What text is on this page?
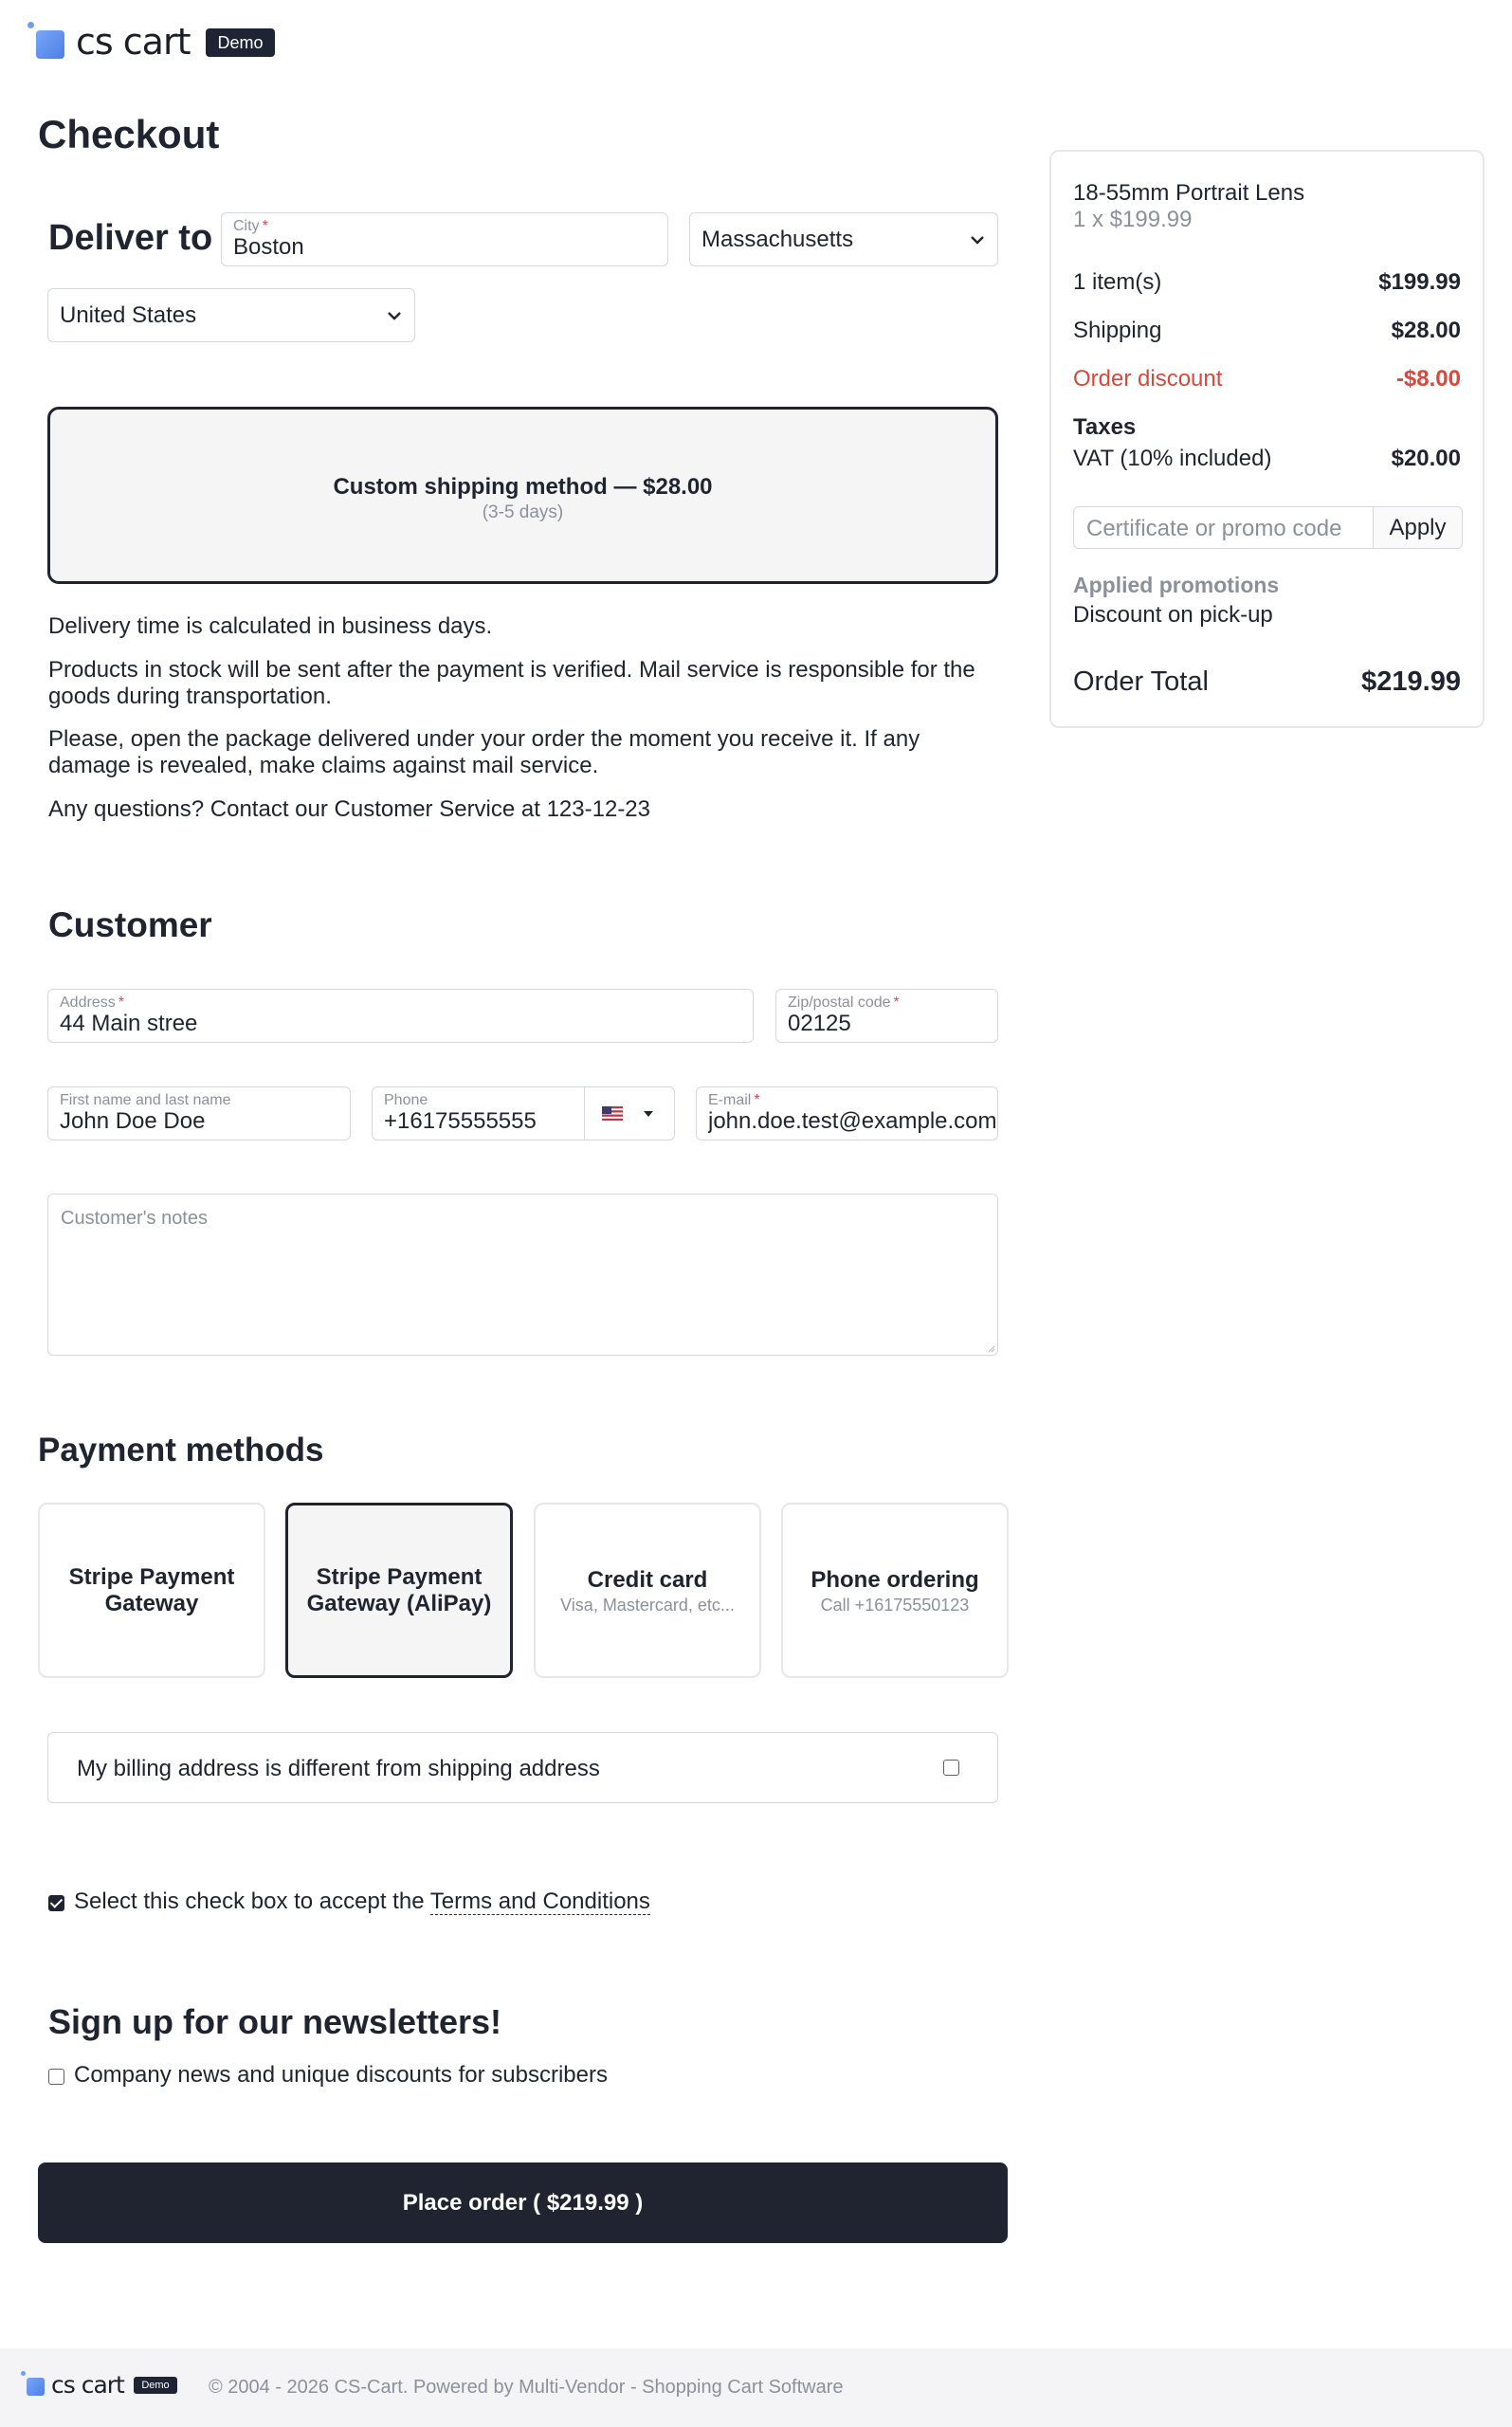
cs cart	Demo
Checkout
Deliver to City *
Boston	Massachusetts
United States
Custom shipping method — $28.00
(3-5 days)
Delivery time is calculated in business days.
Products in stock will be sent after the payment is verified. Mail service is responsible for the goods during transportation.
Please, open the package delivered under your order the moment you receive it. If any damage is revealed, make claims against mail service.
Any questions? Contact our Customer Service at 123-12-23
Customer
Address *
44 Main stree
Zip/postal code *
02125
First name and last name
John Doe Doe
Phone
+16175555555
E-mail *
john.doe.test@example.com
Customer's notes
Payment methods
Stripe Payment Gateway
Stripe Payment Gateway (AliPay)
Credit card
Visa, Mastercard, etc...
Phone ordering
Call +16175550123
My billing address is different from shipping address
Select this check box to accept the Terms and Conditions
Sign up for our newsletters!
Company news and unique discounts for subscribers
Place order ( $219.99 )
18-55mm Portrait Lens
1 x $199.99
1 item(s)	$199.99
Shipping	$28.00
Order discount	-$8.00
Taxes
VAT (10% included)	$20.00
Certificate or promo code	Apply
Applied promotions
Discount on pick-up
Order Total	$219.99
cs cart	Demo	© 2004 - 2026 CS-Cart. Powered by Multi-Vendor - Shopping Cart Software
